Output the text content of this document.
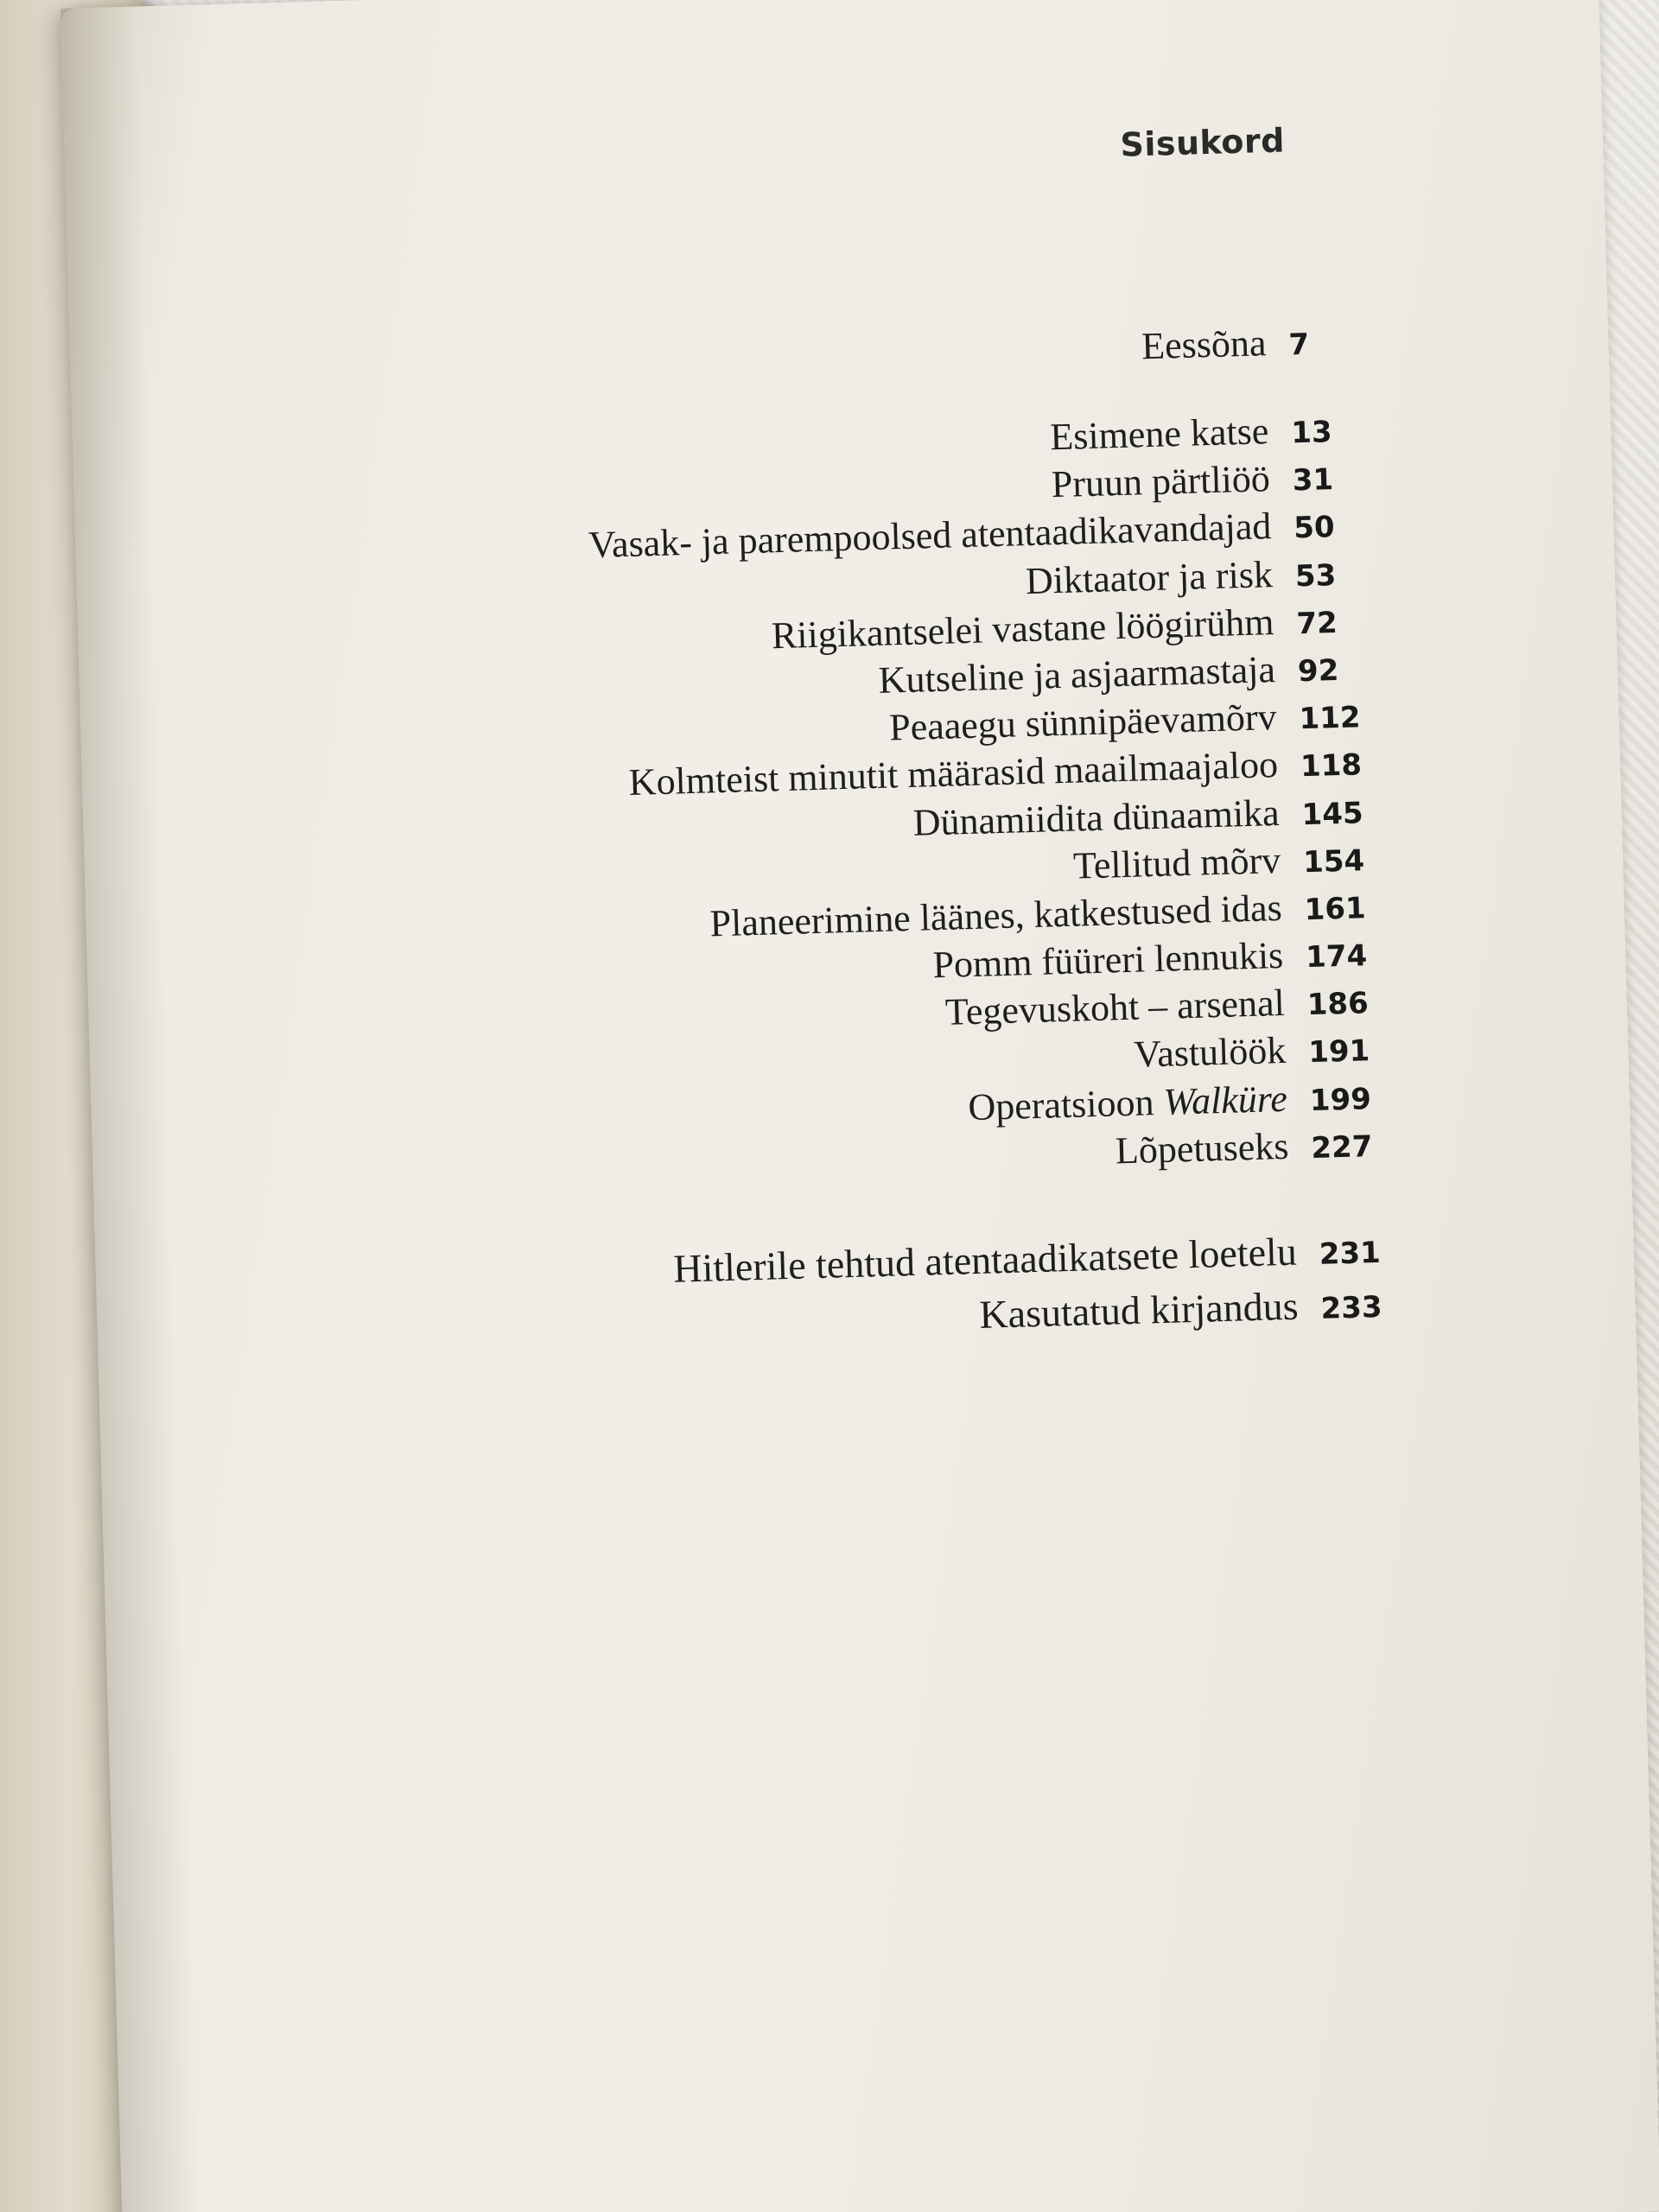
Sisukord
Eessõna 7
Esimene katse 13
Pruun pärtliöö 31
Vasak- ja parempoolsed atentaadikavandajad 50
Diktaator ja risk 53
Riigikantselei vastane löögirühm 72
Kutseline ja asjaarmastaja 92
Peaaegu sünnipäevamõrv 112
Kolmteist minutit määrasid maailmaajaloo 118
Dünamiidita dünaamika 145
Tellitud mõrv 154
Planeerimine läänes, katkestused idas 161
Pomm füüreri lennukis 174
Tegevuskoht – arsenal 186
Vastulöök 191
Operatsioon Walküre 199
Lõpetuseks 227
Hitlerile tehtud atentaadikatsete loetelu 231
Kasutatud kirjandus 233
